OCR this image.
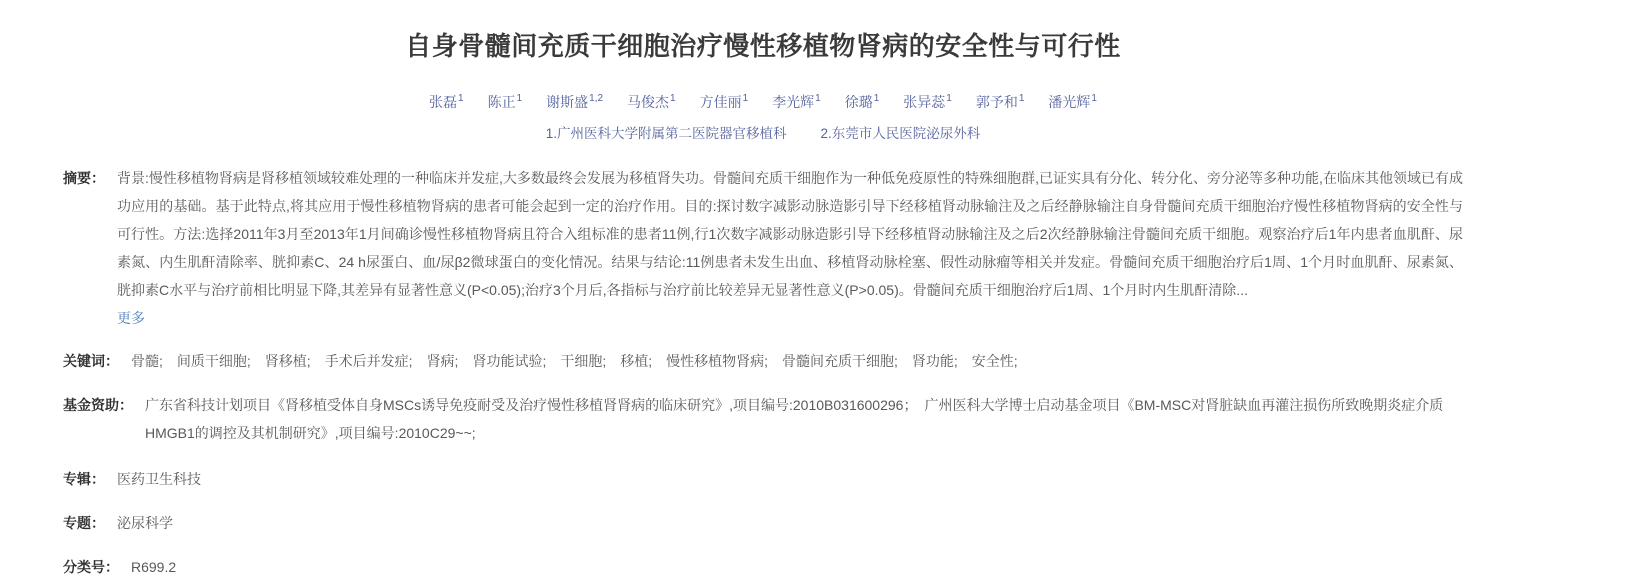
自身骨髓间充质干细胞治疗慢性移植物肾病的安全性与可行性
张磊$^1$ 陈正$^1$ 谢斯盛$^{1,2}$ 马俊杰$^1$ 方佳丽$^1$ 李光辉$^1$ 徐璐$^1$ 张异蕊$^1$ 郭予和$^1$ 潘光辉$^1$
1.广州医科大学附属第二医院器官移植科	2.东莞市人民医院泌尿外科
摘要： 背景:慢性移植物肾病是肾移植领域较难处理的一种临床并发症,大多数最终会发展为移植肾失功。骨髓间充质干细胞作为一种低免疫原性的特殊细胞群,已证实具有分化、转分化、旁分泌等多种功能,在临床其他领域已有成功应用的基础。基于此特点,将其应用于慢性移植物肾病的患者可能会起到一定的治疗作用。目的:探讨数字减影动脉造影引导下经移植肾动脉输注及之后经静脉输注自身骨髓间充质干细胞治疗慢性移植物肾病的安全性与可行性。方法:选择2011年3月至2013年1月间确诊慢性移植物肾病且符合入组标准的患者11例,行1次数字减影动脉造影引导下经移植肾动脉输注及之后2次经静脉输注骨髓间充质干细胞。观察治疗后1年内患者血肌酐、尿素氮、内生肌酐清除率、胱抑素C、24 h尿蛋白、血/尿β2微球蛋白的变化情况。结果与结论:11例患者未发生出血、移植肾动脉栓塞、假性动脉瘤等相关并发症。骨髓间充质干细胞治疗后1周、1个月时血肌酐、尿素氮、胱抑素C水平与治疗前相比明显下降,其差异有显著性意义(P<0.05);治疗3个月后,各指标与治疗前比较差异无显著性意义(P>0.05)。骨髓间充质干细胞治疗后1周、1个月时内生肌酐清除...
更多
关键词： 骨髓; 间质干细胞; 肾移植; 手术后并发症; 肾病; 肾功能试验; 干细胞; 移植; 慢性移植物肾病; 骨髓间充质干细胞; 肾功能; 安全性;
基金资助： 广东省科技计划项目《肾移植受体自身MSCs诱导免疫耐受及治疗慢性移植肾肾病的临床研究》,项目编号:2010B031600296；　广州医科大学博士启动基金项目《BM-MSC对肾脏缺血再灌注损伤所致晚期炎症介质HMGB1的调控及其机制研究》,项目编号:2010C29~~;
专辑： 医药卫生科技
专题： 泌尿科学
分类号： R699.2
